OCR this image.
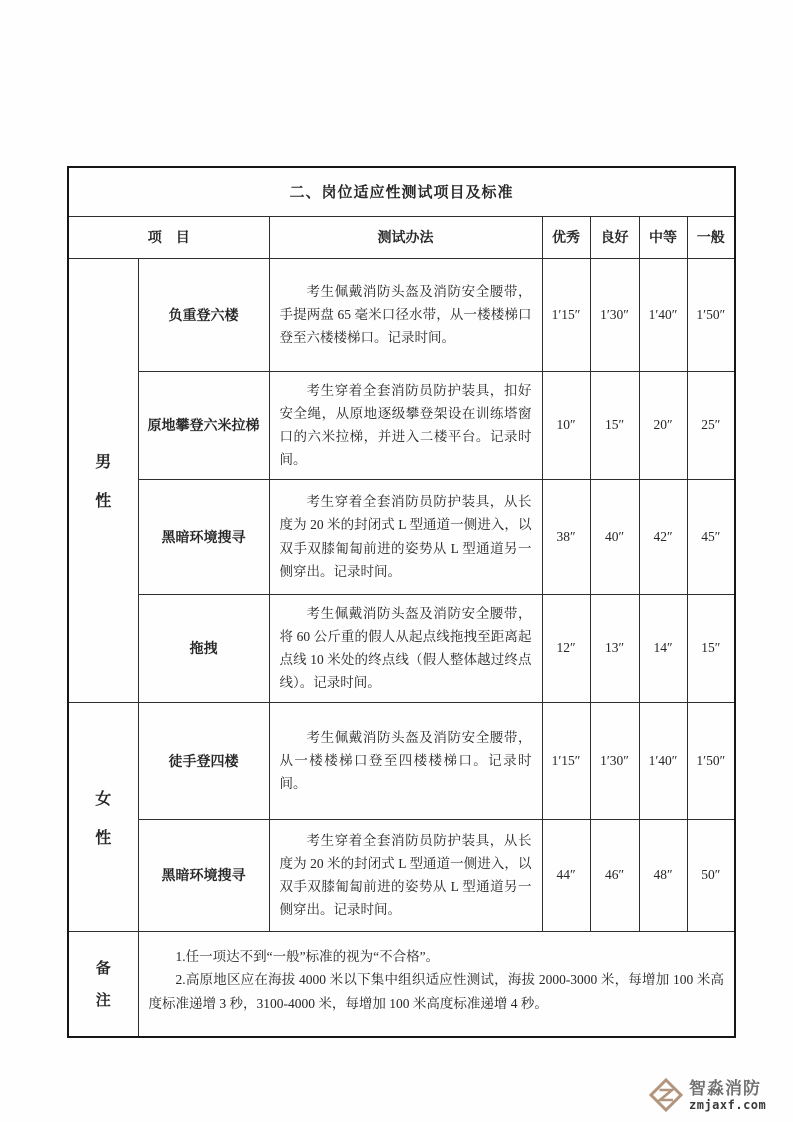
二、岗位适应性测试项目及标准						
项　目		测试办法	优秀	良好	中等	一般

男
性	负重登六楼	考生佩戴消防头盔及消防安全腰带，手提两盘 65 毫米口径水带，从一楼楼梯口登至六楼楼梯口。记录时间。	1′15″	1′30″	1′40″	1′50″
	原地攀登六米拉梯	考生穿着全套消防员防护装具，扣好安全绳，从原地逐级攀登架设在训练塔窗口的六米拉梯，并进入二楼平台。记录时间。	10″	15″	20″	25″
	黑暗环境搜寻	考生穿着全套消防员防护装具，从长度为 20 米的封闭式 L 型通道一侧进入，以双手双膝匍匐前进的姿势从 L 型通道另一侧穿出。记录时间。	38″	40″	42″	45″
	拖拽	考生佩戴消防头盔及消防安全腰带，将 60 公斤重的假人从起点线拖拽至距离起点线 10 米处的终点线（假人整体越过终点线）。记录时间。	12″	13″	14″	15″

女
性	徒手登四楼	考生佩戴消防头盔及消防安全腰带，从一楼楼梯口登至四楼楼梯口。记录时间。	1′15″	1′30″	1′40″	1′50″
	黑暗环境搜寻	考生穿着全套消防员防护装具，从长度为 20 米的封闭式 L 型通道一侧进入，以双手双膝匍匐前进的姿势从 L 型通道另一侧穿出。记录时间。	44″	46″	48″	50″

备
注

1.任一项达不到“一般”标准的视为“不合格”。

2.高原地区应在海拔 4000 米以下集中组织适应性测试，海拔 2000-3000 米，每增加 100 米高度标准递增 3 秒，3100-4000 米，每增加 100 米高度标准递增 4 秒。

智淼消防
zmjaxf.com
